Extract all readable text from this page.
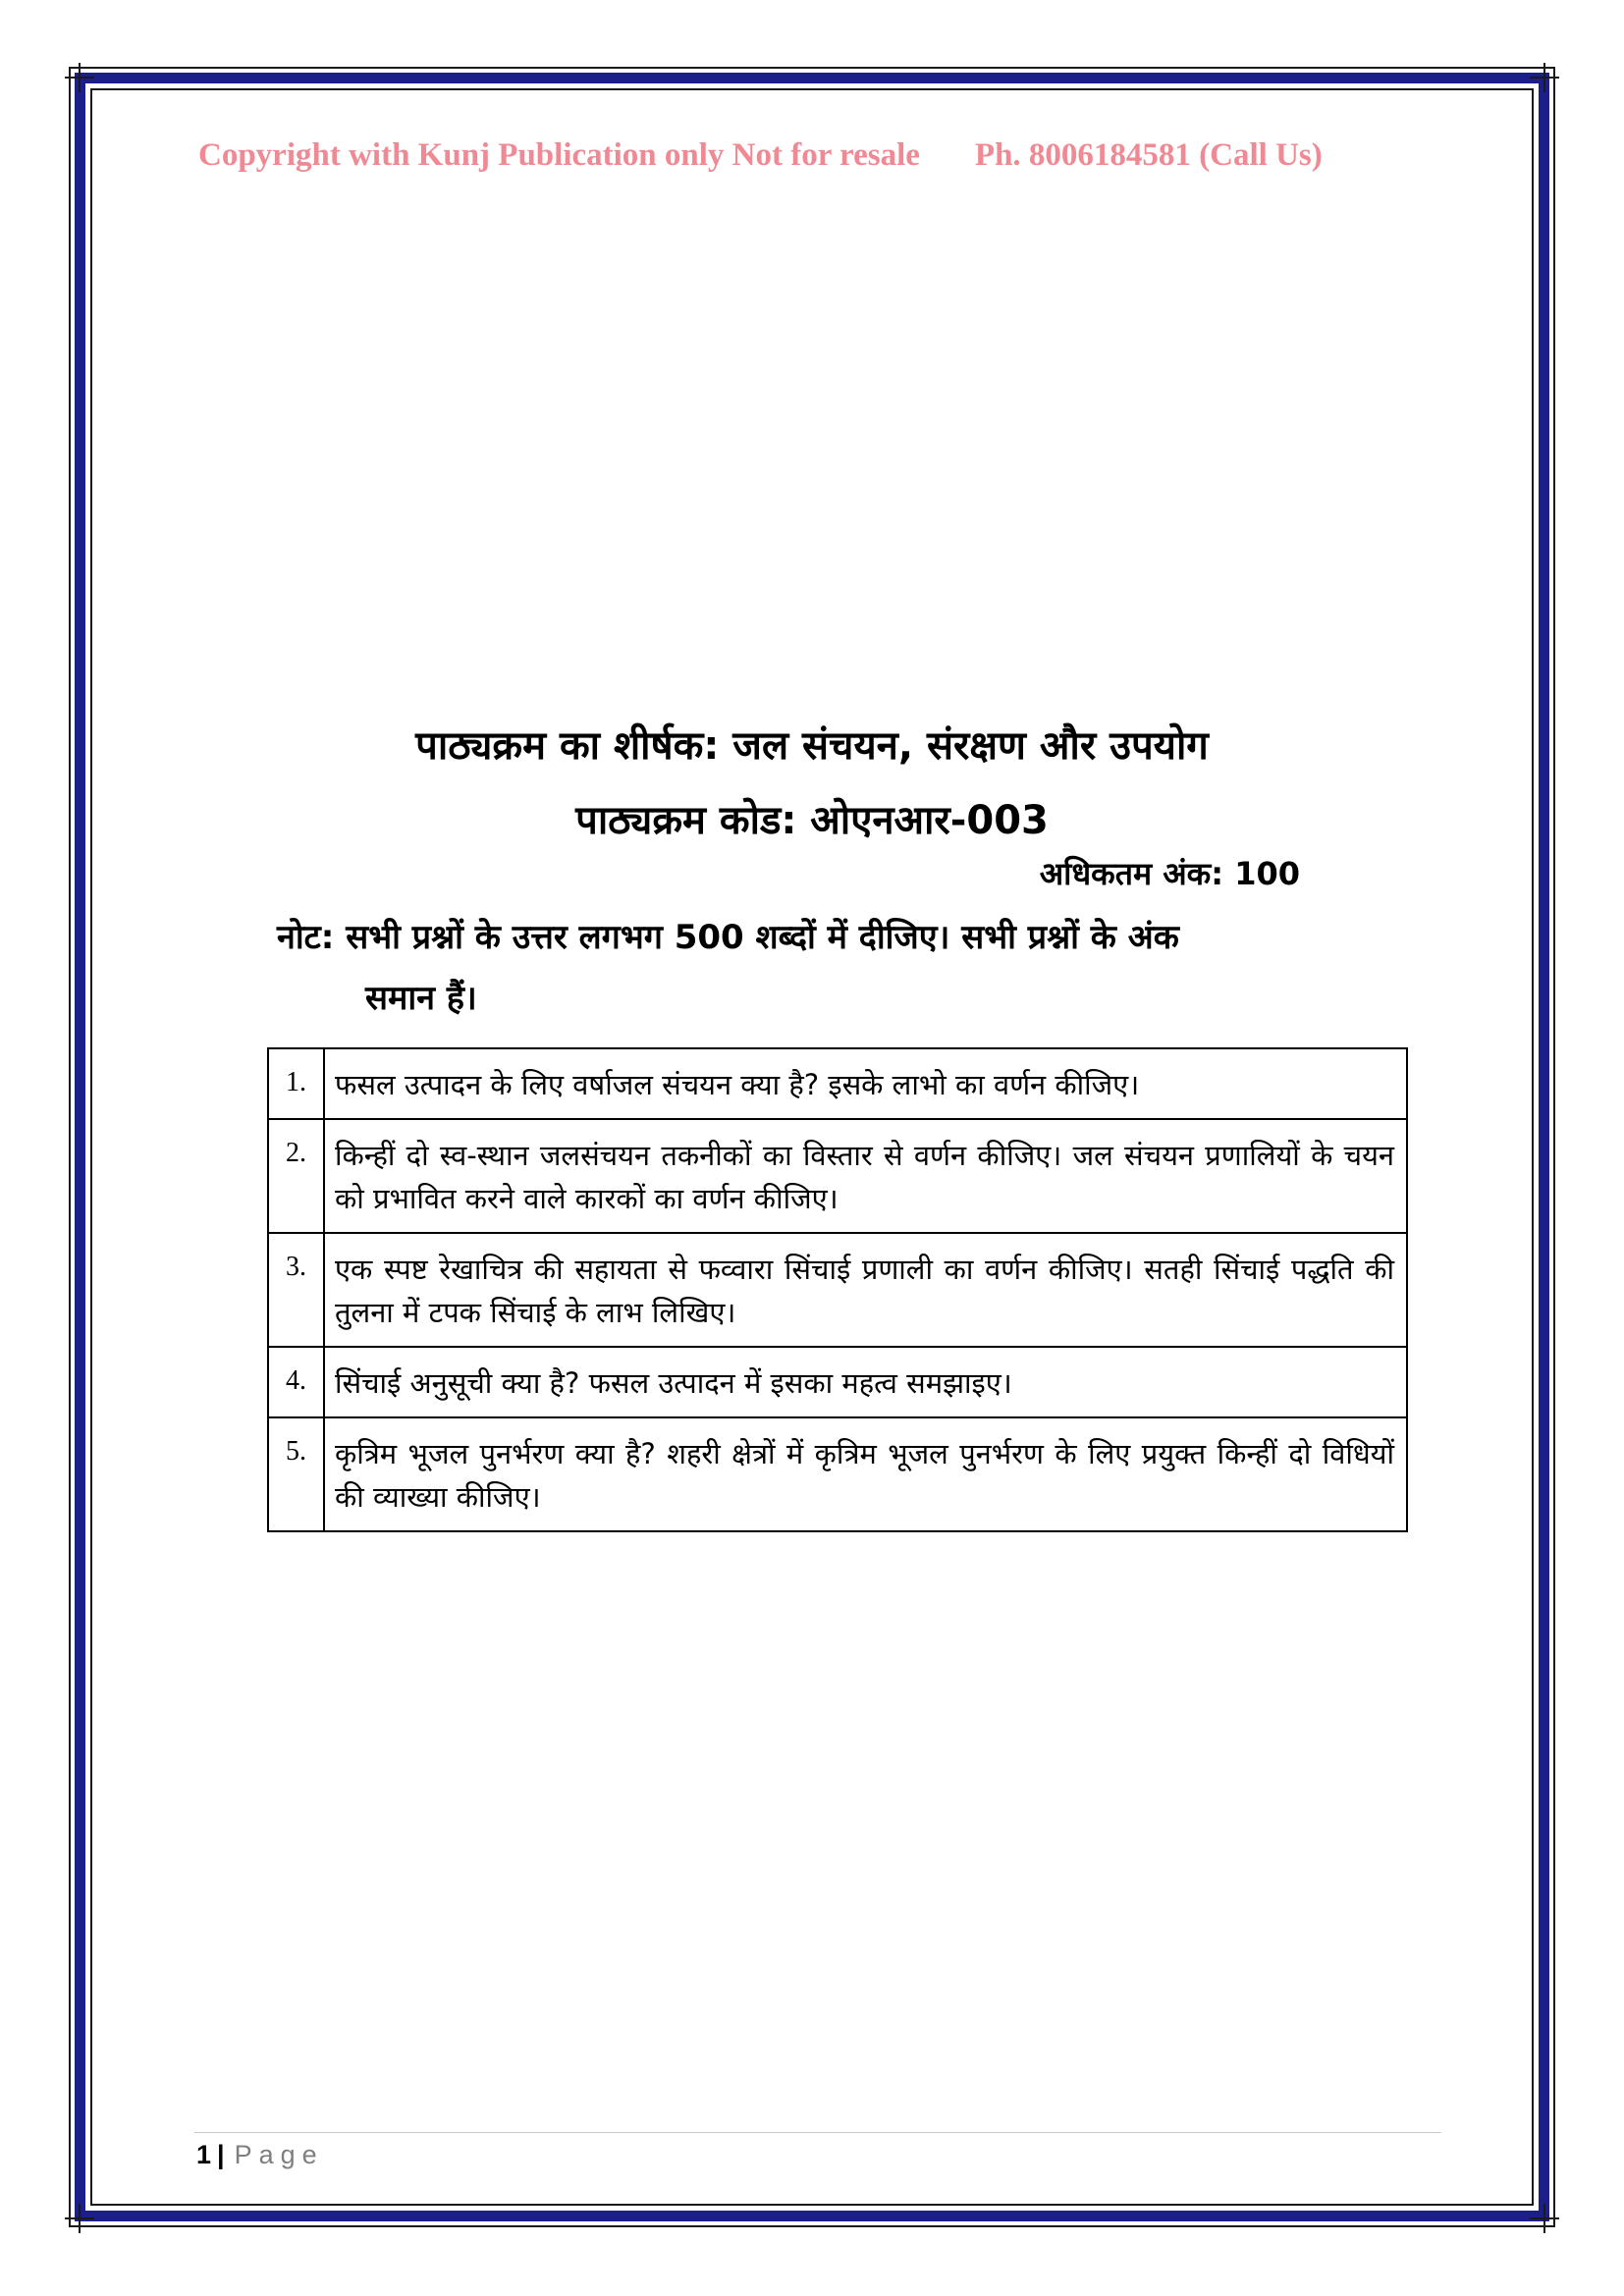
Copyright with Kunj Publication only Not for resale Ph. 8006184581 (Call Us)
पाठ्यक्रम का शीर्षक: जल संचयन, संरक्षण और उपयोग
पाठ्यक्रम कोड: ओएनआर-003
अधिकतम अंक: 100
नोट: सभी प्रश्नों के उत्तर लगभग 500 शब्दों में दीजिए। सभी प्रश्नों के अंक
समान हैं।
1.	फसल उत्पादन के लिए वर्षाजल संचयन क्या है? इसके लाभो का वर्णन कीजिए।
2.	किन्हीं दो स्व-स्थान जलसंचयन तकनीकों का विस्तार से वर्णन कीजिए। जल संचयन प्रणालियों के चयन को प्रभावित करने वाले कारकों का वर्णन कीजिए।
3.	एक स्पष्ट रेखाचित्र की सहायता से फव्वारा सिंचाई प्रणाली का वर्णन कीजिए। सतही सिंचाई पद्धति की तुलना में टपक सिंचाई के लाभ लिखिए।
4.	सिंचाई अनुसूची क्या है? फसल उत्पादन में इसका महत्व समझाइए।
5.	कृत्रिम भूजल पुनर्भरण क्या है? शहरी क्षेत्रों में कृत्रिम भूजल पुनर्भरण के लिए प्रयुक्त किन्हीं दो विधियों की व्याख्या कीजिए।
1 | Page
